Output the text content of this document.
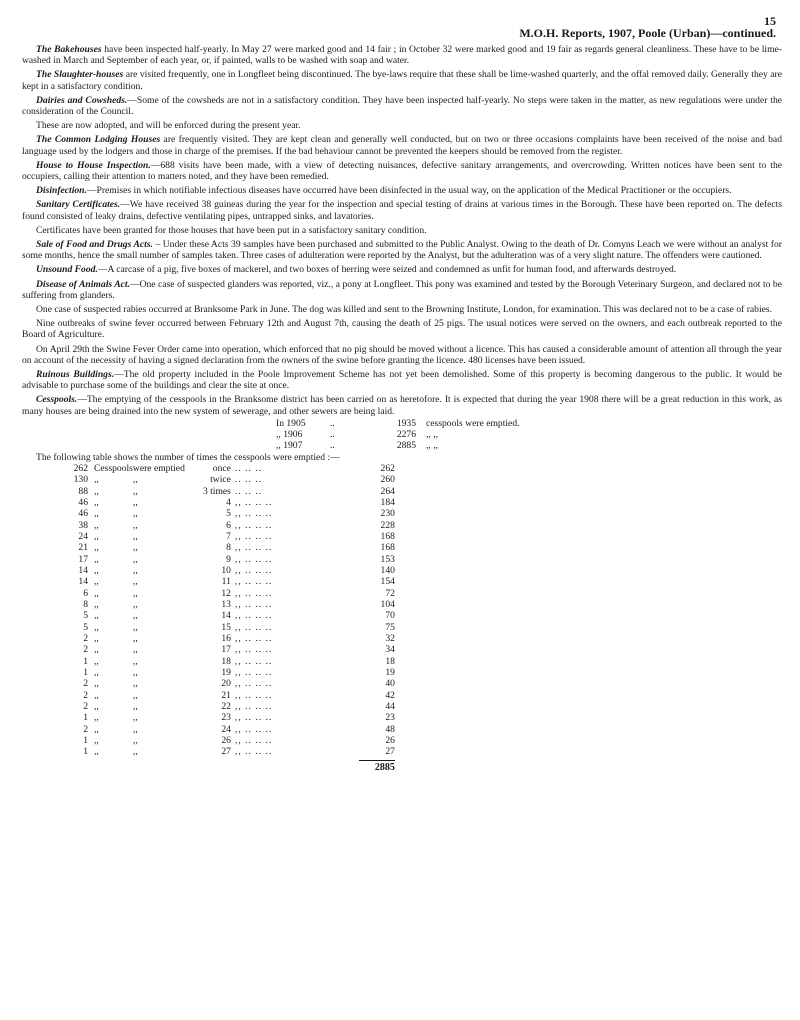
15
M.O.H. Reports, 1907, Poole (Urban)—continued.

The Bakehouses have been inspected half-yearly. In May 27 were marked good and 14 fair ; in October 32 were marked good and 19 fair as regards general cleanliness. These have to be lime-washed in March and September of each year, or, if painted, walls to be washed with soap and water.

The Slaughter-houses are visited frequently, one in Longfleet being discontinued. The bye-laws require that these shall be lime-washed quarterly, and the offal removed daily. Generally they are kept in a satisfactory condition.

Dairies and Cowsheds.—Some of the cowsheds are not in a satisfactory condition. They have been inspected half-yearly. No steps were taken in the matter, as new regulations were under the consideration of the Council.

These are now adopted, and will be enforced during the present year.

The Common Lodging Houses are frequently visited. They are kept clean and generally well conducted, but on two or three occasions complaints have been received of the noise and bad language used by the lodgers and those in charge of the premises. If the bad behaviour cannot be prevented the keepers should be removed from the register.

House to House Inspection.—688 visits have been made, with a view of detecting nuisances, defective sanitary arrangements, and overcrowding. Written notices have been sent to the occupiers, calling their attention to matters noted, and they have been remedied.

Disinfection.—Premises in which notifiable infectious diseases have occurred have been disinfected in the usual way, on the application of the Medical Practitioner or the occupiers.

Sanitary Certificates.—We have received 38 guineas during the year for the inspection and special testing of drains at various times in the Borough. These have been reported on. The defects found consisted of leaky drains, defective ventilating pipes, untrapped sinks, and lavatories.

Certificates have been granted for those houses that have been put in a satisfactory sanitary condition.

Sale of Food and Drugs Acts. – Under these Acts 39 samples have been purchased and submitted to the Public Analyst. Owing to the death of Dr. Comyns Leach we were without an analyst for some months, hence the small number of samples taken. Three cases of adulteration were reported by the Analyst, but the adulteration was of a very slight nature. The offenders were cautioned.

Unsound Food.—A carcase of a pig, five boxes of mackerel, and two boxes of herring were seized and condemned as unfit for human food, and afterwards destroyed.

Disease of Animals Act.—One case of suspected glanders was reported, viz., a pony at Longfleet. This pony was examined and tested by the Borough Veterinary Surgeon, and declared not to be suffering from glanders.

One case of suspected rabies occurred at Branksome Park in June. The dog was killed and sent to the Browning Institute, London, for examination. This was declared not to be a case of rabies.

Nine outbreaks of swine fever occurred between February 12th and August 7th, causing the death of 25 pigs. The usual notices were served on the owners, and each outbreak reported to the Board of Agriculture.

On April 29th the Swine Fever Order came into operation, which enforced that no pig should be moved without a licence. This has caused a considerable amount of attention all through the year on account of the necessity of having a signed declaration from the owners of the swine before granting the licence. 480 licenses have been issued.

Ruinous Buildings.—The old property included in the Poole Improvement Scheme has not yet been demolished. Some of this property is becoming dangerous to the public. It would be advisable to purchase some of the buildings and clear the site at once.

Cesspools.—The emptying of the cesspools in the Branksome district has been carried on as heretofore. It is expected that during the year 1908 there will be a great reduction in this work, as many houses are being drained into the new system of sewerage, and other sewers are being laid.

In 1905	..	1935	cesspools were emptied.
,, 1906	..	2276	,, ,,
,, 1907	..	2885	,, ,,
The following table shows the number of times the cesspools were emptied :—
262	Cesspools	were emptied	once	.. .. ..	262
130	,,	,,	twice	.. .. ..	260
88	,,	,,	3 times	.. .. ..	264
46	,,	,,	4	,, .. .. ..	184
46	,,	,,	5	,, .. .. ..	230
38	,,	,,	6	,, .. .. ..	228
24	,,	,,	7	,, .. .. ..	168
21	,,	,,	8	,, .. .. ..	168
17	,,	,,	9	,, .. .. ..	153
14	,,	,,	10	,, .. .. ..	140
14	,,	,,	11	,, .. .. ..	154
6	,,	,,	12	,, .. .. ..	72
8	,,	,,	13	,, .. .. ..	104
5	,,	,,	14	,, .. .. ..	70
5	,,	,,	15	,, .. .. ..	75
2	,,	,,	16	,, .. .. ..	32
2	,,	,,	17	,, .. .. ..	34
1	,,	,,	18	,, .. .. ..	18
1	,,	,,	19	,, .. .. ..	19
2	,,	,,	20	,, .. .. ..	40
2	,,	,,	21	,, .. .. ..	42
2	,,	,,	22	,, .. .. ..	44
1	,,	,,	23	,, .. .. ..	23
2	,,	,,	24	,, .. .. ..	48
1	,,	,,	26	,, .. .. ..	26
1	,,	,,	27	,, .. .. ..	27
2885
